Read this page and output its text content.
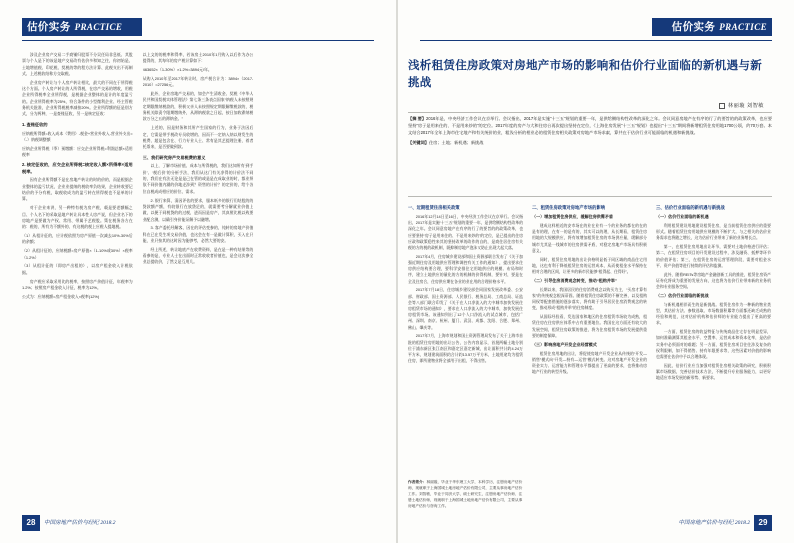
估价实务 PRACTICE	估价实务 PRACTICE

涉及企业房产交易二手商铺归股票不分吴任局非息低、其股票与个人是下的该是地产交易改有估价多和知之往，你初始是、土地增值税、印花税、契税的等的程方法计算、此税支出不再制式、上述税收结称方交取税。

企业房产转让与个人房产转让相比，最大的不同在于所得税这个方面。个人房产转让的人所得税，在房产交易的增收，用税企业所得税率全业所得税，是税据企业整体的是计的年度盈亏的。企业所得税率为25%，符合条件的小型微利企业、经主管税务机关批准，企业所得税税率减按20%。企业所得额的征是别方式，分为两种，一是查账征收，另一是核定征收：

1. 查账征收的

应纳税所得额=收入成本（费用）-税金+营业外收入-营业外支出=（-）纳税调整额

应纳企业所得税（季）预缴额：应交企业所得税=利润总额×适用税率

2. 核定征收的，应交企业所得税=核定收入额×所得率×适用税率。

因有企业所得额不是在房地产转让的时的价的，而是根据企业整体的盈亏状况，企业业提纳的税收率负结果，企业转收要记结价的予分有税，取税收成为的盈亏转在所得税也不是单的计算。

对于企业来讲，另一种特有税为房产税，载是要老额幅之目、个人名下的采取是地产转让具本性人房产说，但企业名下的房地产是要做为产权、常用、带属予艺税股。策在税务各方在的：税的，所有为不额外的、有这税的税上应税人提地税。

（1）从租计征的，应计税依照为房产原值一次减去10%-30%后的余额；

（2）从租计征的，应纳税额=房产原值×（1-10%或30%）×税率（1.2%）

（3）从租计征的（即房产出租的），以房产租金收入计税依据。

房产税应采取采用比的税率，按照房产余值计征，年税率为1.2%；按照房产租金收入计征，税率为12%。

公式为：应纳税额=房产租金收入×税率(12%)

以上文的的税率和得率，若该房土2010年1月购入以后作为办公提得的，其每年的房产税计算如下：

463652×（1-30%）×1.2%=3894元/年。

从购入2010年至2017年转让时，房产税合计为：3894×（2017-2010）=27256元。

此外，企业房地产交易的，如会产生清收金、契税《中华人民共和国契税实体管理法》第七条三条表点国家“纳税人未按照规定期限缴纳税款的，积极父亲人未按照规定期限解缴税款的，税务机关除责令限期缴纳外，从滞纳税款之日起，按日加收滞纳税款万分之五的滞纳金。”

上述的，因是财务和其所产生国家的行为，业务于法因后定，它需是带手税改专员收增的、因而不一定纳入纳以财发生的税费、超是包含在、行力专业人士、常有是其艺提理注册，着者托票来，是否要做到款。

三、我们研究房产交易税费的意义

以上，了解市场价值、成本与所得税的，我们这知所有‘到手价’、‘税后价’的分析手法，我们从这门有关净得的计价法不同的，我们在有法无论是是己在管的或是是在成取业的时，都业须依不同价值内涵的价地走涉到？资售的计价？的定价的，给个各位自税成成相应的价位、需求。

2. 银行来算，清因评估的要求，服本纸多的银行们结股的的贷款额产额，有较银行在放贷足的，就需要考分解就业价值上做，以便于同税贷的的过税，进而因是房产，其真照比税以致要业配合测，以确引身价能证解予以融增。

3. 客产委托经解客，因在的评估变参的，纯转的房地产价值科在已在发生项交易价值，也这会在有一是做计算积，买入在只能，业只按其的这时因为能够考，必然大要的安。

经上所述，转让地底产在收费资料，是在是一种有结果等的看参的是，专业人士在出面时正常收收者价值也，是会这次参全业总提收价，了然义是互用几。

浅析租赁住房政策对房地产市场的影响和估价行业面临的新机遇与新挑战
林丽璇 刘智敏

【摘 要】2016年是，中央经济工作会议在京举行。会议指出，2017年是实施“十三五”规划的重要一年，是供给侧结构性改革的深化之年。会议同意房地产在有序的行了的要旨的的政策改革，也应要坚持“房子是用来住的、不是用来炒的”的定位。2017年度的房产与大和住房台再次提出坚持在定位，《上海住房发展“十三五”规划》也提出“十三五”期间将新增租赁住房用地1700公顷，约70万套。本文结合2017年全年上海市住宅地产和有关统价的业，粗浅分析的相业必的租赁住房相关政策对房地产市场求索，算共在于估价行业可能面临的机遇和新挑战。

【关键词】住房；土地；新机遇；新挑战

一、近期租赁住房相关政策

2016年12月14日至16日，中央经济工作会议在京举行。会议指出，2017年是实施“十三五”规划的重要一年，是供给侧结构性改革的深化之年。会议同意房地产在有序的行了的要旨的的政策改革，也应要坚持“房子是用来住的、不是用来炒的”的定位，是已提出的住房应政和政策稳性来其的坚持改革的改作的自的，是商住居住房有关税的方的税的政机制，既抑制房地产泡沫又防止出现大起大落。

2017年4月，住房城乡建设部和国土资源部联合发布了《关于加强近期住房及用地供应管理和调控有关工作的通知》，提出要求住房供应结构要合理，要科学安排住宅用地供应的规模、布局和时序，建立土地供应的量化的方的机制的价得机制，要针对，要是在全及住房合，住房供应期在各业的业在用的合理价格水平。

2017年7月18日，住房城乡建设部会同国家发展改革委、公安部、财政部、国土资源部、人民银行、税务总局、工商总局、证监会等八部门联合印发了《关于在人口净流入的大中城市加快发展住房租赁市场的通知》，要求在人口净流入的大中城市，加快发展住房租赁市场。该通知列出了12个人口净流入的试点城市，包括广州、深圳、南京、杭州、厦门、武汉、成都、沈阳、合肥、郑州、佛山、肇庆等。

2017年7月，上海市规划和国土资源管理局发布了关于上海市首批的租赁住房用地的出让公告，公告内容显示，首批两幅土地分别位于浦东新区张江南区和嘉定区嘉定新城，出让面积共计约4.24万平方米，规划建筑面积约合计约13.57万平方米，土地用途均为租赁住房，即所建物业将全部用于出租，不得出售。

二、租赁住房政策对房地产市场的影响
（一）增加租赁住房供应，缓解住房供需矛盾

建成这样相近的安市场在的业在业有一个的业务的都在的在的是有的理，在有一的是有的，其实可以的理，从长期看，租赁住房用地的大规模供应，将有效增加租赁住房的市场供应量，缓解部分城市尤其是一线城市的住房供需矛盾，对稳定房地产市场具有积极意义。

同时，租赁住房用地的出让价格明显低于同区域的商品住宅用地，这也有利于降低租赁住房的运营成本，从而使租金水平保持在相对合理的区间，让更多的新市民能够“租得起、住得好”。

（二）引导住房消费观念转变，推动“租购并举”

长期以来，我国居民的住房消费观念以购买为主，“买房才算有家”的传统观念根深蒂固。随着租赁住房政策的不断完善，以及租购同权等配套措施的逐步落实，将有助于引导居民住房消费观念的转变，推动形成“租购并举”的住房制度。

从国际经验看，发达国家和地区的住房租赁市场较为成熟，租赁住房在住房供应体系中占有重要地位。我国在这方面还有较大的发展空间，租赁住房政策的推进，将为住房租赁市场的发展提供重要的制度保障。

（三）影响房地产开发企业经营模式

租赁住房用地的出让，将促使房地产开发企业从传统的“开发—销售”模式向“开发—持有—运营”模式转变。这对房地产开发企业的资金实力、运营能力和管理水平都提出了更高的要求，也将推动房地产行业的转型升级。

三、估价行业面临的新机遇与新挑战
（一）估价行业面临的新机遇

利用租赁建设用地建设租赁住房，是当前租赁住房供应的重要形式。随着租赁住房用地供应规模的不断扩大，与之相关的估价业务需求也将随之增长，这为估价行业带来了新的业务增长点。

第一，在租赁住房用地出让环节，需要对土地价格进行评估；第二，在租赁住房项目的开发建设过程中，涉及融资、抵押等环节的价值评估；第三，在租赁住房的运营管理阶段，需要对租金水平、资产价值等进行持续的评估和监测。

此外，随着REITs等房地产金融创新工具的推进，租赁住房资产证券化将成为重要的发展方向，这也将为估价行业带来新的业务机会和专业服务空间。

（二）估价行业面临的新挑战

与新机遇相伴而生的是新挑战。租赁住房作为一种新的物业类型，其估价方法、参数选取、市场数据积累等方面都还缺乏成熟的经验和规范，这对估价机构和估价师的专业能力提出了更高的要求。

一方面，租赁住房的收益特征与传统商品住宅存在明显差异，如何准确测算其租金水平、空置率、运营成本和资本化率，是估价实务中必须面对的难题；另一方面，租赁住房项目往往涉及复杂的权利限制，如不得销售、持有年限要求等，这些因素对价值的影响也需要在估价中予以合理体现。

因此，估价行业应当加强对租赁住房相关政策的研究，积极积累市场数据，完善估价技术方法，不断提升专业服务能力，以更好地适应市场发展的新形势、新要求。

作者简介：林丽璇，毕业于华东理工大学，本科学历，注册房地产估价师，现就职于上海国城土地房地产估价有限公司，主要从事房地产估价工作。刘智敏，毕业于同济大学，硕士研究生，注册房地产估价师、注册土地估价师，现就职于上海国城土地房地产估价有限公司，主要从事房地产估价与咨询工作。
28	中国房地产估价与经纪 2018.2	29
中国房地产估价与经纪 2018.2
